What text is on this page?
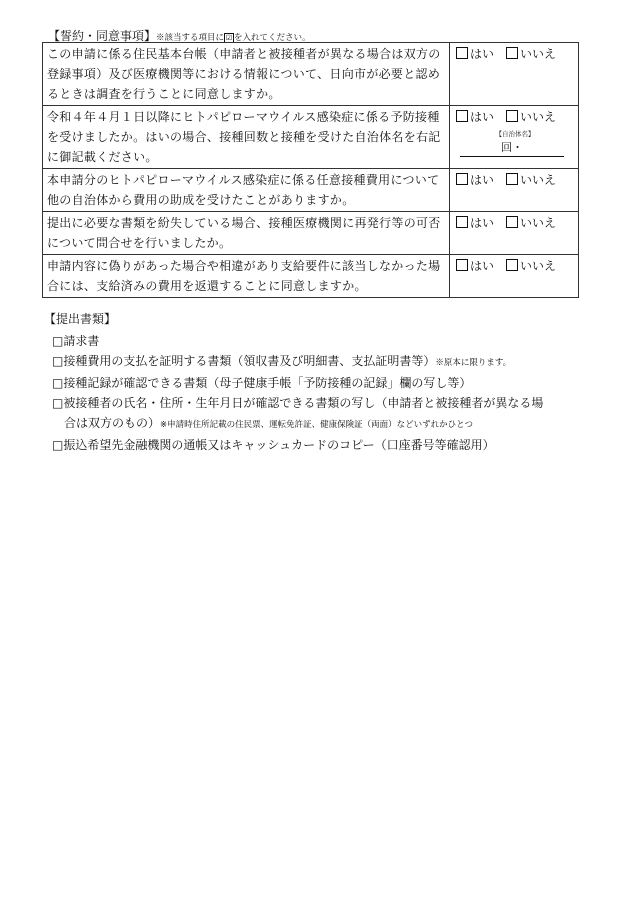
【誓約・同意事項】※該当する項目に ☑ を入れてください。
この申請に係る住民基本台帳（申請者と被接種者が異なる場合は双方の登録事項）及び医療機関等における情報について、日向市が必要と認めるときは調査を行うことに同意しますか。	はい いいえ
令和４年４月１日以降にヒトパピローマウイルス感染症に係る予防接種を受けましたか。はいの場合、接種回数と接種を受けた自治体名を右記に御記載ください。	はい いいえ
【自治体名】
回・

本申請分のヒトパピローマウイルス感染症に係る任意接種費用について他の自治体から費用の助成を受けたことがありますか。	はい いいえ
提出に必要な書類を紛失している場合、接種医療機関に再発行等の可否について問合せを行いましたか。	はい いいえ
申請内容に偽りがあった場合や相違があり支給要件に該当しなかった場合には、支給済みの費用を返還することに同意しますか。	はい いいえ
【提出書類】
□請求書
□接種費用の支払を証明する書類（領収書及び明細書、支払証明書等）※原本に限ります。
□接種記録が確認できる書類（母子健康手帳「予防接種の記録」欄の写し等）
□被接種者の氏名・住所・生年月日が確認できる書類の写し（申請者と被接種者が異なる場
合は双方のもの）※申請時住所記載の住民票、運転免許証、健康保険証（両面）などいずれかひとつ
□振込希望先金融機関の通帳又はキャッシュカードのコピー（口座番号等確認用）
